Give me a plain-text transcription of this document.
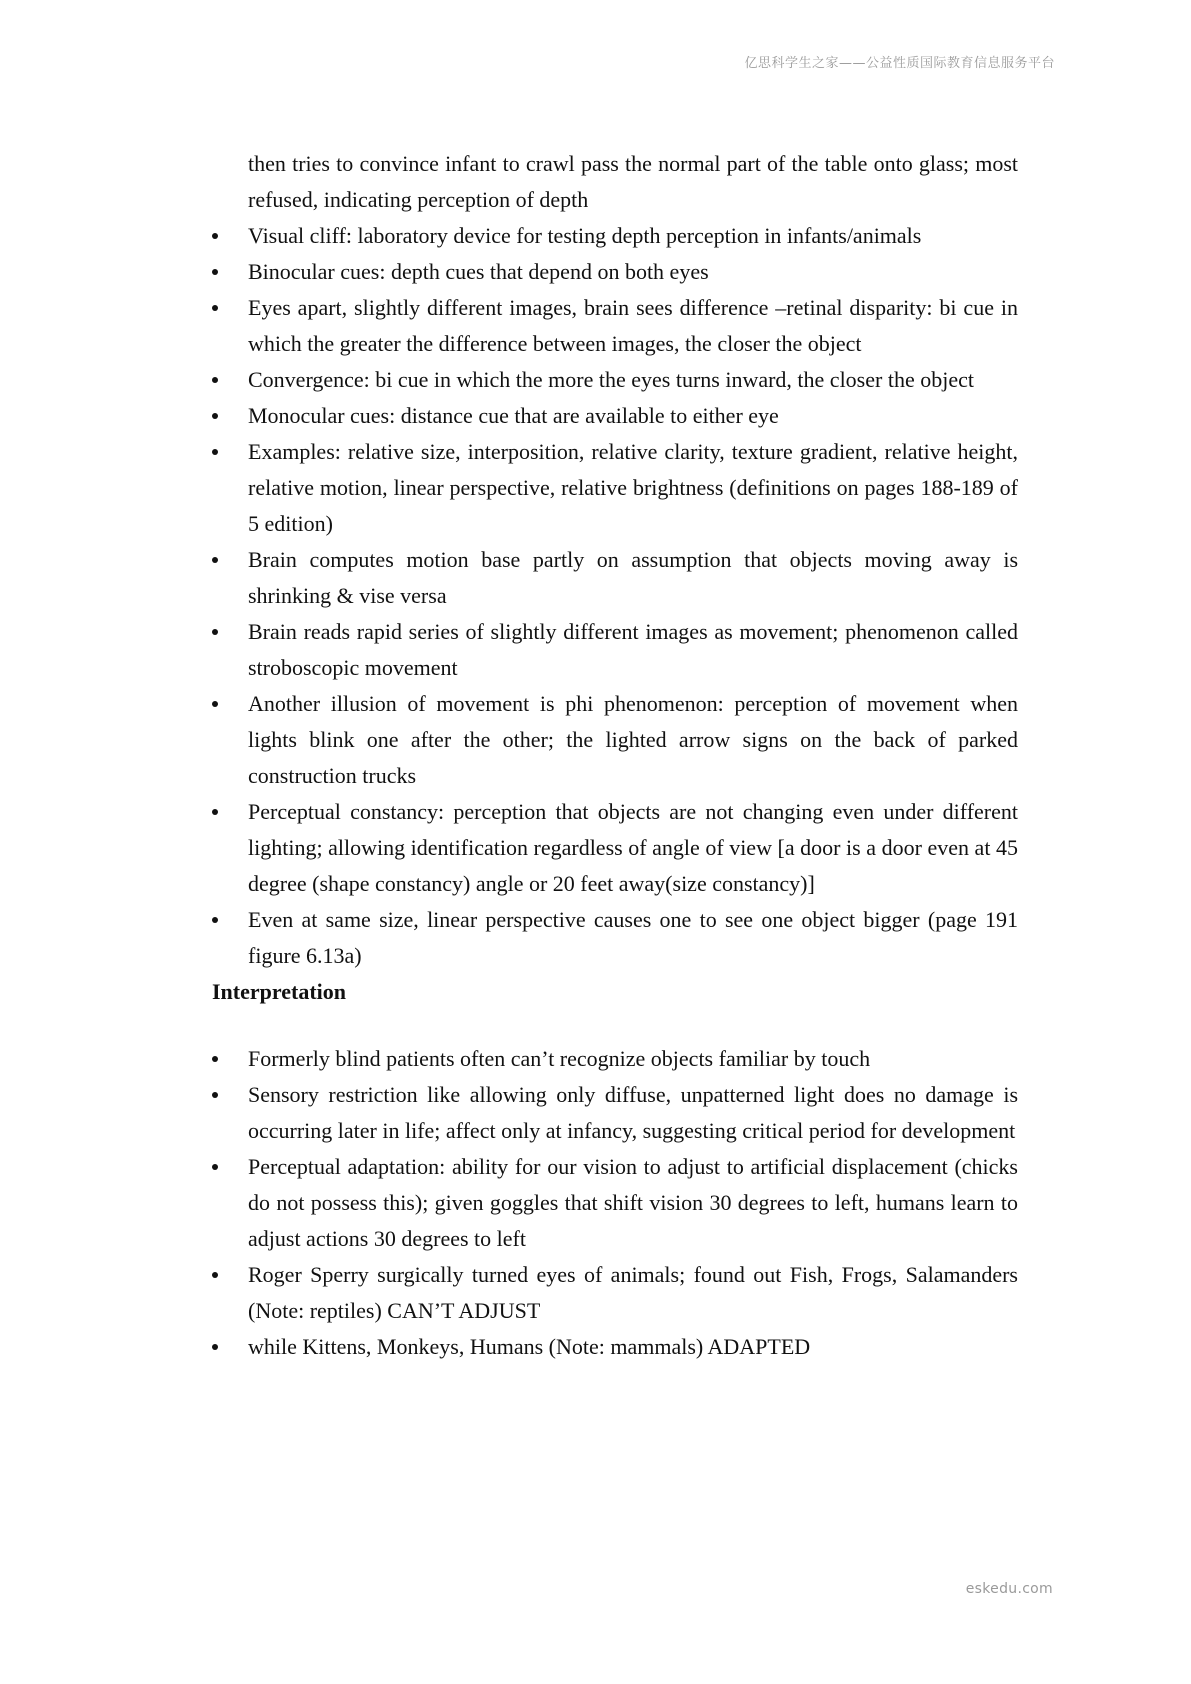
亿思科学生之家——公益性质国际教育信息服务平台

then tries to convince infant to crawl pass the normal part of the table onto glass; most refused, indicating perception of depth

Visual cliff: laboratory device for testing depth perception in infants/animals
Binocular cues: depth cues that depend on both eyes
Eyes apart, slightly different images, brain sees difference –retinal disparity: bi cue in which the greater the difference between images, the closer the object
Convergence: bi cue in which the more the eyes turns inward, the closer the object
Monocular cues: distance cue that are available to either eye
Examples: relative size, interposition, relative clarity, texture gradient, relative height, relative motion, linear perspective, relative brightness (definitions on pages 188-189 of 5 edition)
Brain computes motion base partly on assumption that objects moving away is shrinking & vise versa
Brain reads rapid series of slightly different images as movement; phenomenon called stroboscopic movement
Another illusion of movement is phi phenomenon: perception of movement when lights blink one after the other; the lighted arrow signs on the back of parked construction trucks
Perceptual constancy: perception that objects are not changing even under different lighting; allowing identification regardless of angle of view [a door is a door even at 45 degree (shape constancy) angle or 20 feet away(size constancy)]
Even at same size, linear perspective causes one to see one object bigger (page 191 figure 6.13a)

Interpretation

Formerly blind patients often can’t recognize objects familiar by touch
Sensory restriction like allowing only diffuse, unpatterned light does no damage is occurring later in life; affect only at infancy, suggesting critical period for development
Perceptual adaptation: ability for our vision to adjust to artificial displacement (chicks do not possess this); given goggles that shift vision 30 degrees to left, humans learn to adjust actions 30 degrees to left
Roger Sperry surgically turned eyes of animals; found out Fish, Frogs, Salamanders (Note: reptiles) CAN’T ADJUST
while Kittens, Monkeys, Humans (Note: mammals) ADAPTED
eskedu.com
